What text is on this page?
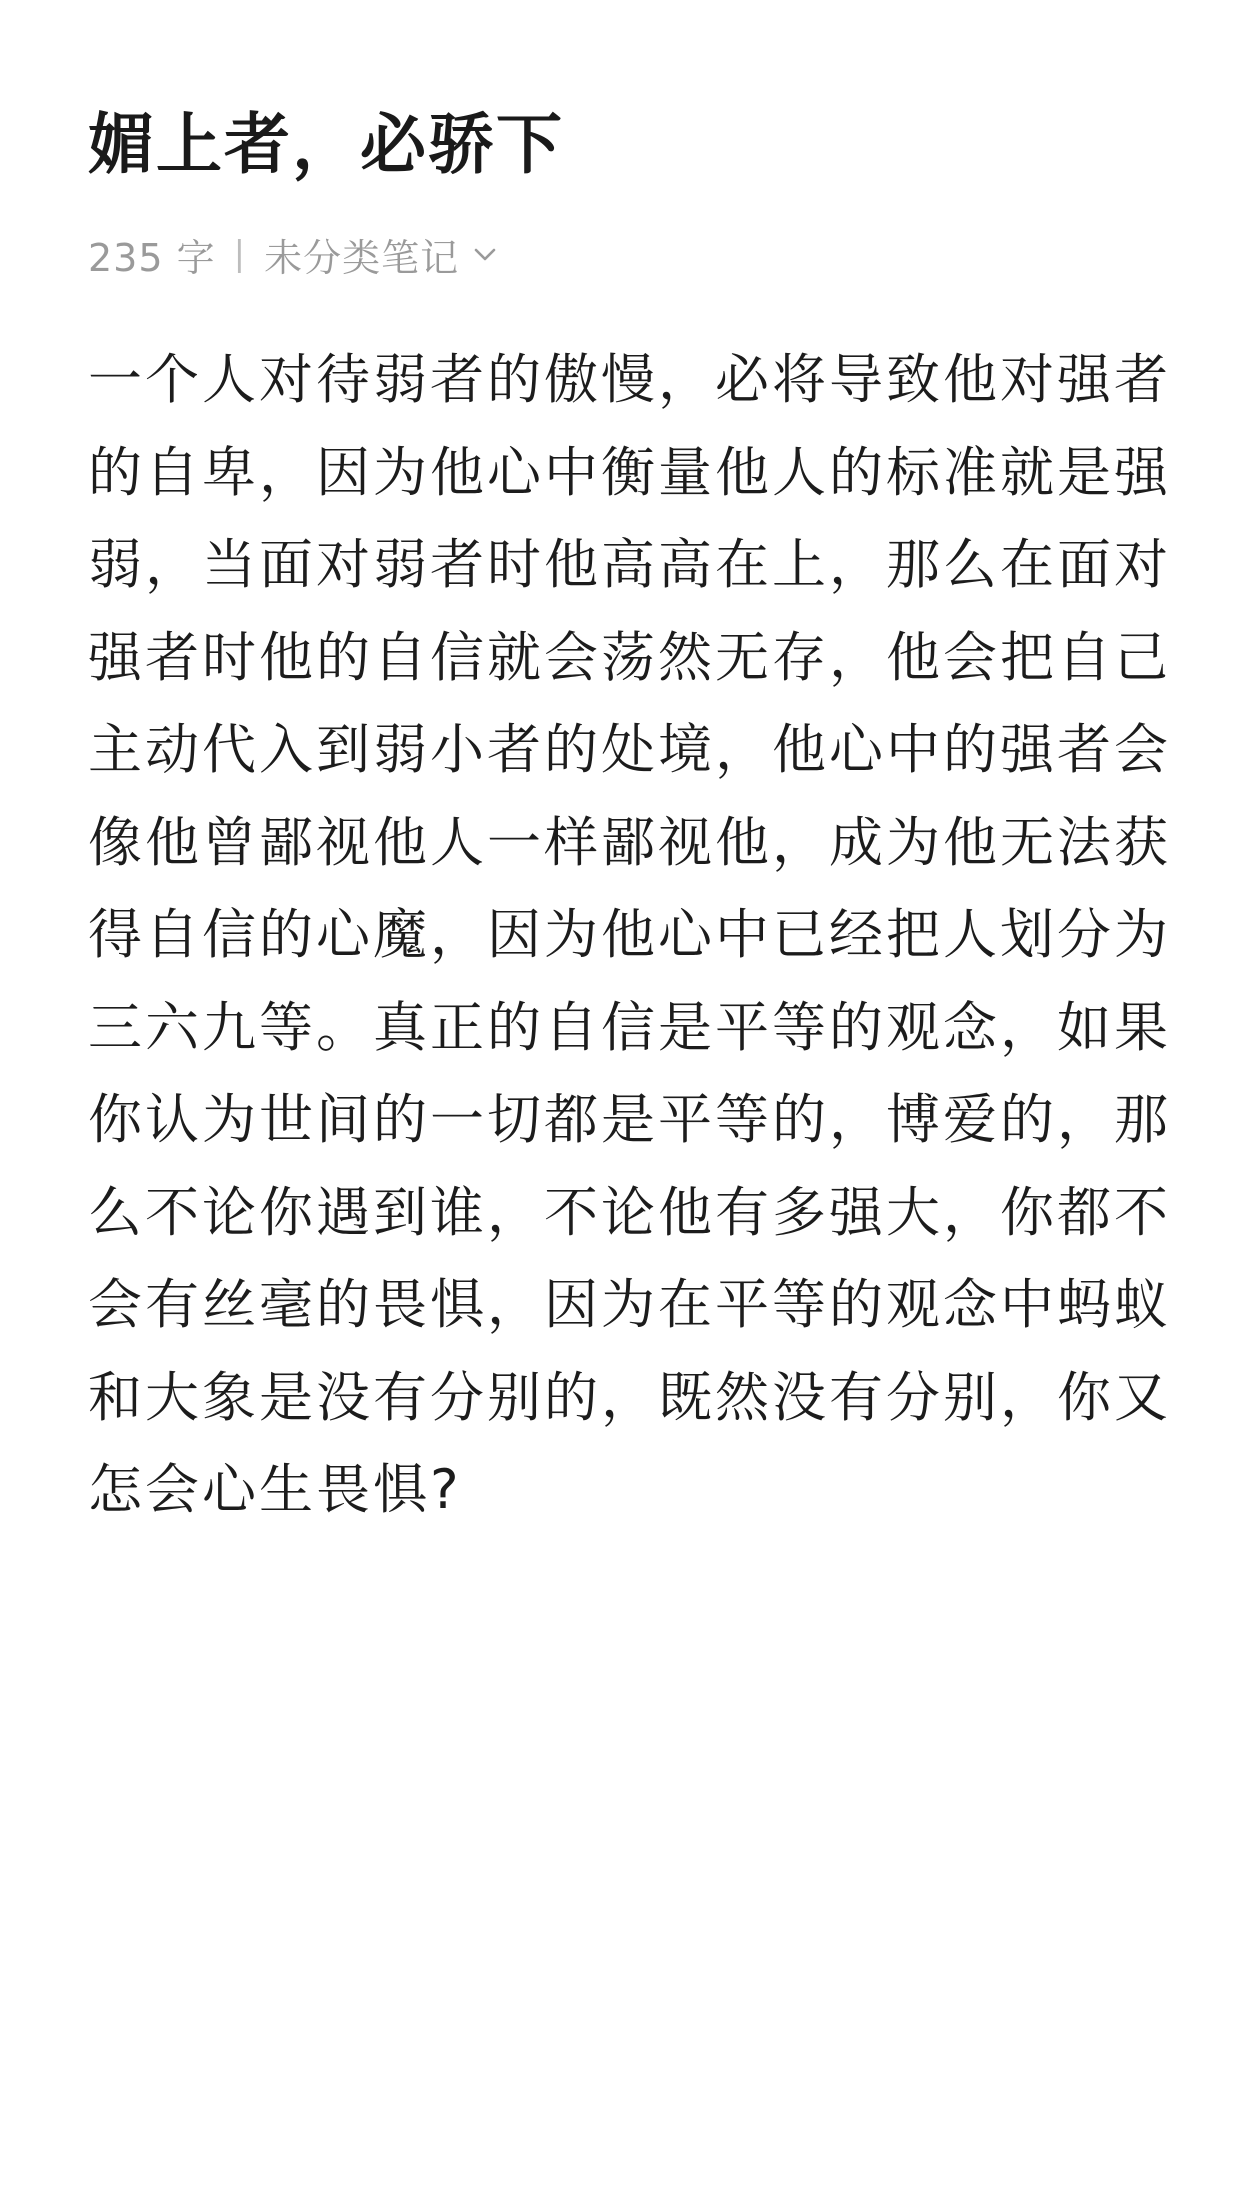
媚上者，必骄下
235 字 | 未分类笔记

一个人对待弱者的傲慢，必将导致他对强者的自卑，因为他心中衡量他人的标准就是强弱，当面对弱者时他高高在上，那么在面对强者时他的自信就会荡然无存，他会把自己主动代入到弱小者的处境，他心中的强者会像他曾鄙视他人一样鄙视他，成为他无法获得自信的心魔，因为他心中已经把人划分为三六九等。真正的自信是平等的观念，如果你认为世间的一切都是平等的，博爱的，那么不论你遇到谁，不论他有多强大，你都不会有丝毫的畏惧，因为在平等的观念中蚂蚁和大象是没有分别的，既然没有分别，你又怎会心生畏惧?
